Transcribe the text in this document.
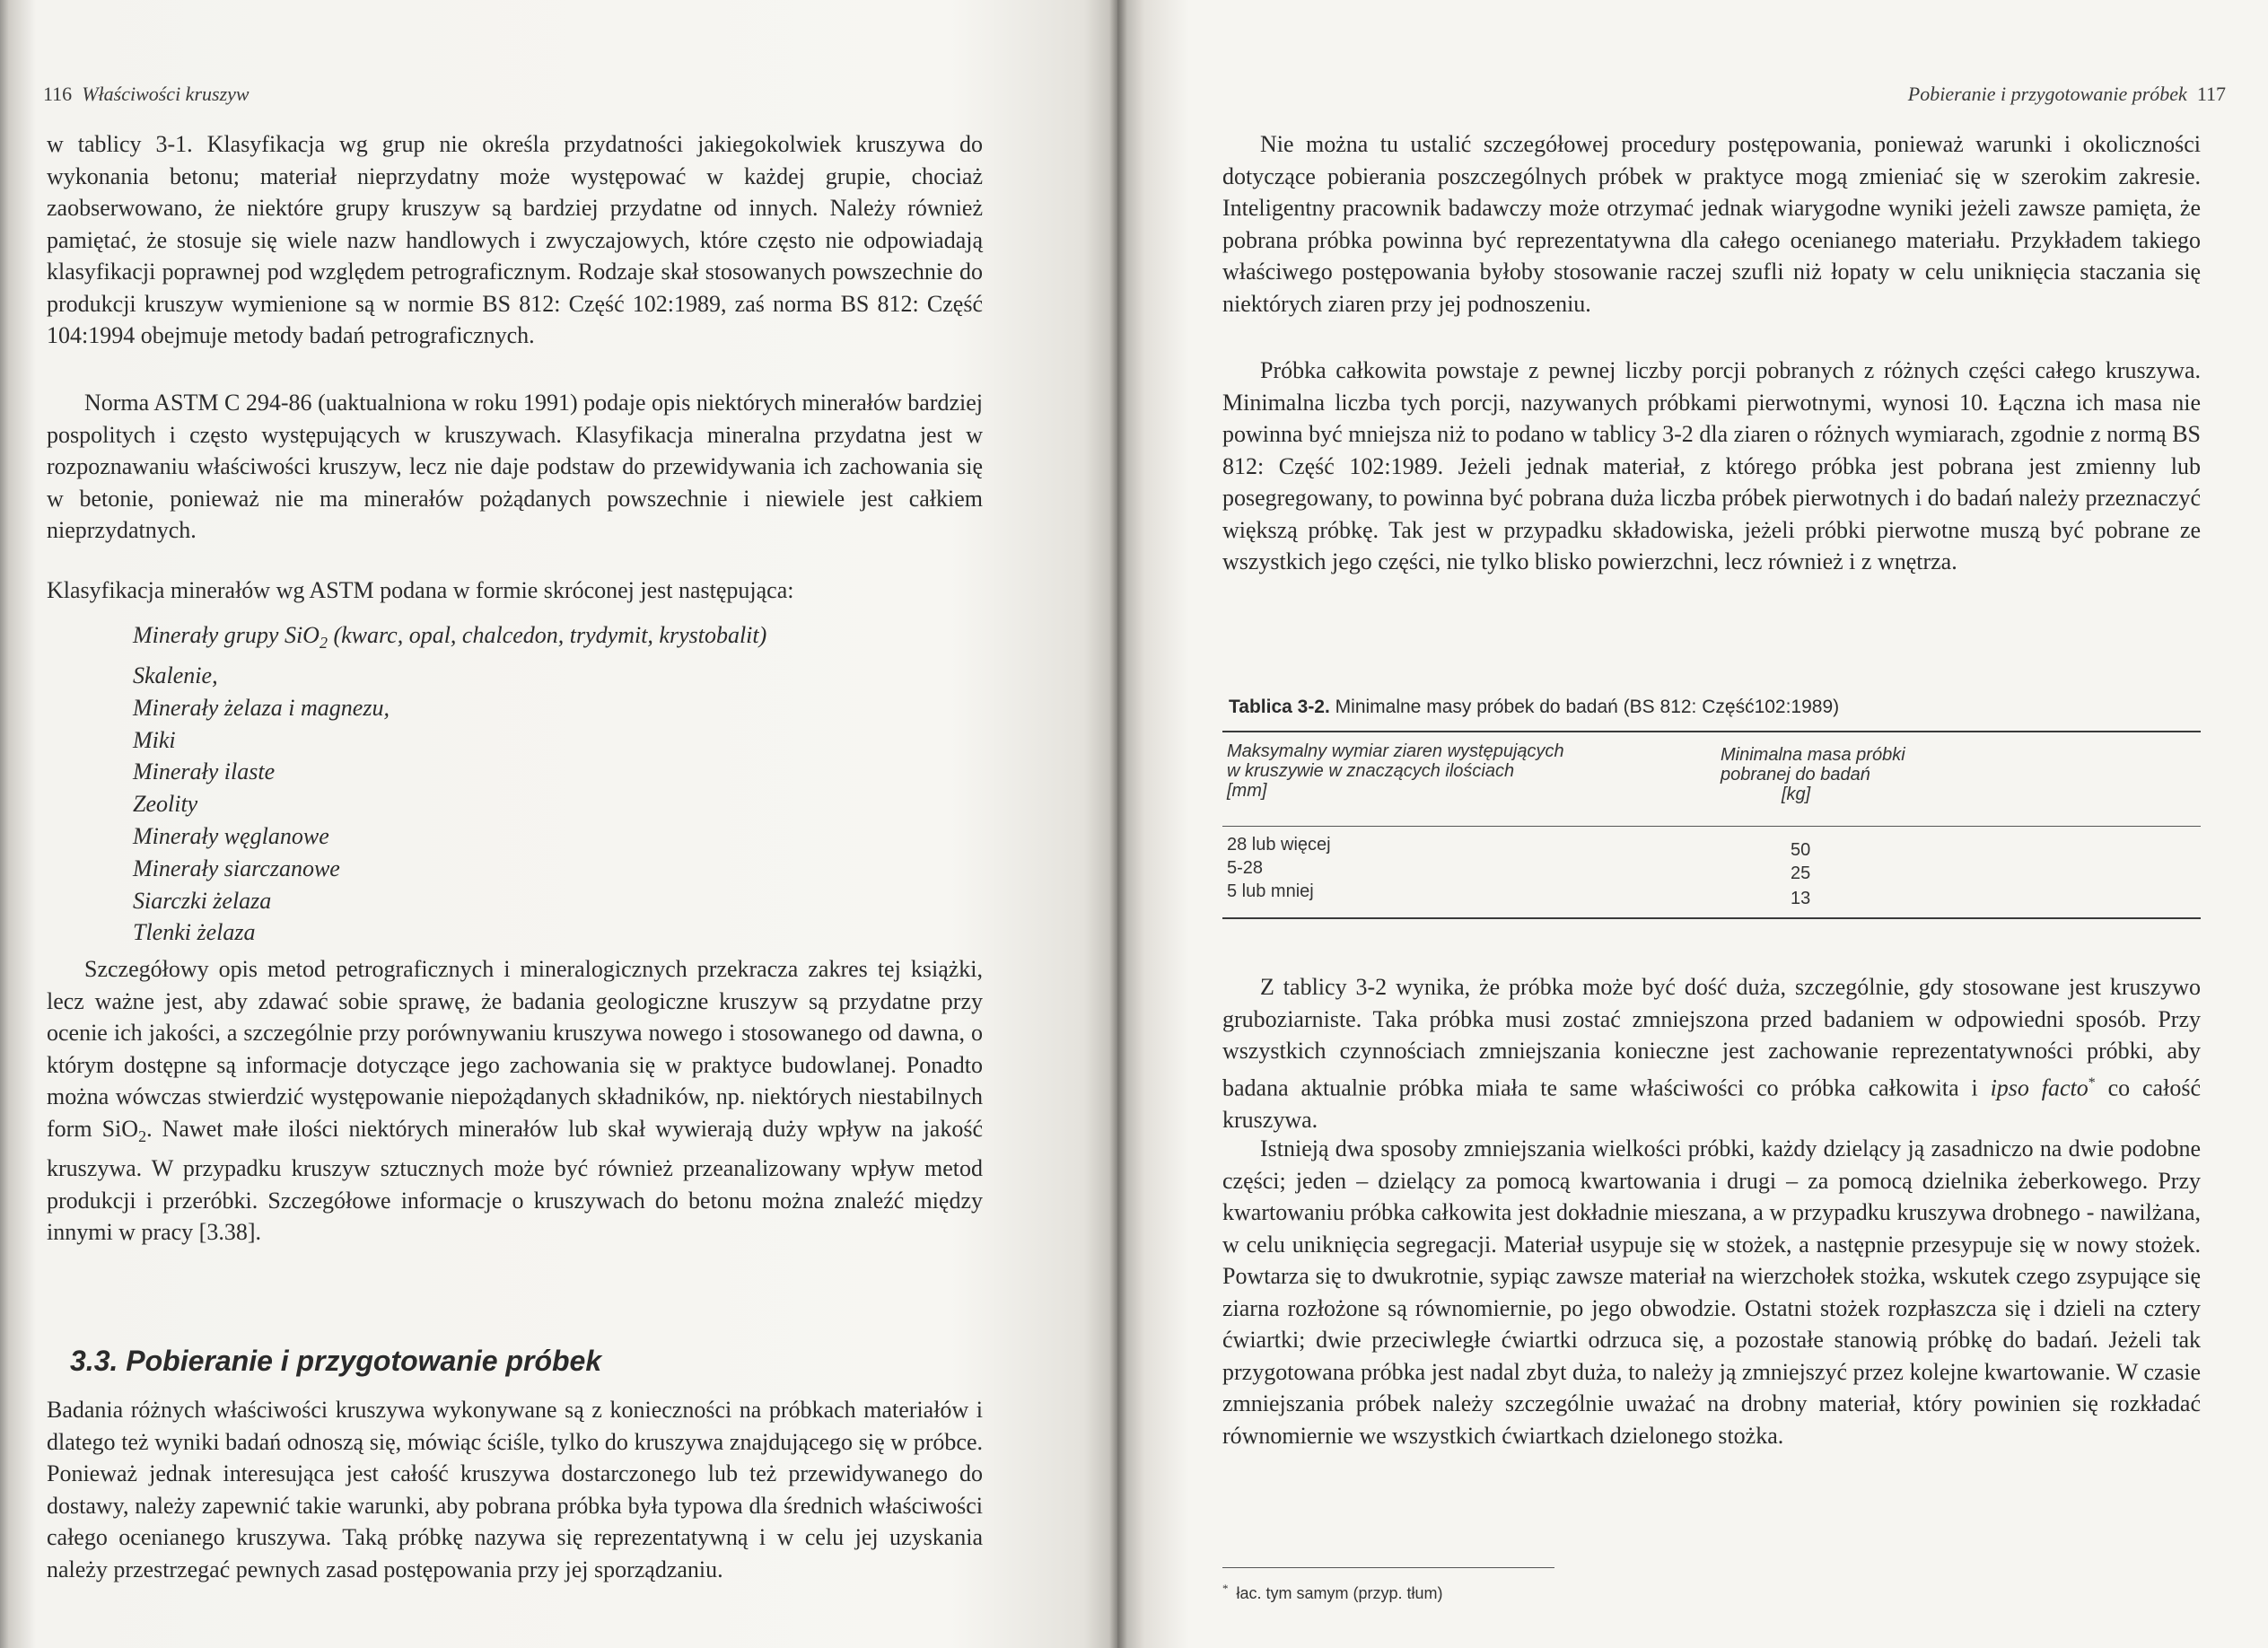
116 Właściwości kruszyw

w tablicy 3-1. Klasyfikacja wg grup nie określa przydatności jakiegokolwiek kruszywa do wykonania betonu; materiał nieprzydatny może występować w każdej grupie, chociaż zaobserwowano, że niektóre grupy kruszyw są bardziej przydatne od innych. Należy również pamiętać, że stosuje się wiele nazw handlowych i zwyczajowych, które często nie odpowiadają klasyfikacji poprawnej pod względem petrograficznym. Rodzaje skał stosowanych powszechnie do produkcji kruszyw wymienione są w normie BS 812: Część 102:1989, zaś norma BS 812: Część 104:1994 obejmuje metody badań petrograficznych.

Norma ASTM C 294-86 (uaktualniona w roku 1991) podaje opis niektórych minerałów bardziej pospolitych i często występujących w kruszywach. Klasyfikacja mineralna przydatna jest w rozpoznawaniu właściwości kruszyw, lecz nie daje podstaw do przewidywania ich zachowania się w betonie, ponieważ nie ma minerałów pożądanych powszechnie i niewiele jest całkiem nieprzydatnych.

Klasyfikacja minerałów wg ASTM podana w formie skróconej jest następująca:

Minerały grupy SiO$_2$ (kwarc, opal, chalcedon, trydymit, krystobalit)
Skalenie,
Minerały żelaza i magnezu,
Miki
Minerały ilaste
Zeolity
Minerały węglanowe
Minerały siarczanowe
Siarczki żelaza
Tlenki żelaza

Szczegółowy opis metod petrograficznych i mineralogicznych przekracza zakres tej książki, lecz ważne jest, aby zdawać sobie sprawę, że badania geologiczne kruszyw są przydatne przy ocenie ich jakości, a szczególnie przy porównywaniu kruszywa nowego i stosowanego od dawna, o którym dostępne są informacje dotyczące jego zachowania się w praktyce budowlanej. Ponadto można wówczas stwierdzić występowanie niepożądanych składników, np. niektórych niestabilnych form SiO$_2$. Nawet małe ilości niektórych minerałów lub skał wywierają duży wpływ na jakość kruszywa. W przypadku kruszyw sztucznych może być również przeanalizowany wpływ metod produkcji i przeróbki. Szczegółowe informacje o kruszywach do betonu można znaleźć między innymi w pracy [3.38].

3.3. Pobieranie i przygotowanie próbek

Badania różnych właściwości kruszywa wykonywane są z konieczności na próbkach materiałów i dlatego też wyniki badań odnoszą się, mówiąc ściśle, tylko do kruszywa znajdującego się w próbce. Ponieważ jednak interesująca jest całość kruszywa dostarczonego lub też przewidywanego do dostawy, należy zapewnić takie warunki, aby pobrana próbka była typowa dla średnich właściwości całego ocenianego kruszywa. Taką próbkę nazywa się reprezentatywną i w celu jej uzyskania należy przestrzegać pewnych zasad postępowania przy jej sporządzaniu.

Pobieranie i przygotowanie próbek 117

Nie można tu ustalić szczegółowej procedury postępowania, ponieważ warunki i okoliczności dotyczące pobierania poszczególnych próbek w praktyce mogą zmieniać się w szerokim zakresie. Inteligentny pracownik badawczy może otrzymać jednak wiarygodne wyniki jeżeli zawsze pamięta, że pobrana próbka powinna być reprezentatywna dla całego ocenianego materiału. Przykładem takiego właściwego postępowania byłoby stosowanie raczej szufli niż łopaty w celu uniknięcia staczania się niektórych ziaren przy jej podnoszeniu.

Próbka całkowita powstaje z pewnej liczby porcji pobranych z różnych części całego kruszywa. Minimalna liczba tych porcji, nazywanych próbkami pierwotnymi, wynosi 10. Łączna ich masa nie powinna być mniejsza niż to podano w tablicy 3-2 dla ziaren o różnych wymiarach, zgodnie z normą BS 812: Część 102:1989. Jeżeli jednak materiał, z którego próbka jest pobrana jest zmienny lub posegregowany, to powinna być pobrana duża liczba próbek pierwotnych i do badań należy przeznaczyć większą próbkę. Tak jest w przypadku składowiska, jeżeli próbki pierwotne muszą być pobrane ze wszystkich jego części, nie tylko blisko powierzchni, lecz również i z wnętrza.

Tablica 3-2. Minimalne masy próbek do badań (BS 812: Część102:1989)
Maksymalny wymiar ziaren występujących
w kruszywie w znaczących ilościach
[mm]
Minimalna masa próbki
pobranej do badań
[kg]
28 lub więcej	50
5-28	25
5 lub mniej	13

Z tablicy 3-2 wynika, że próbka może być dość duża, szczególnie, gdy stosowane jest kruszywo gruboziarniste. Taka próbka musi zostać zmniejszona przed badaniem w odpowiedni sposób. Przy wszystkich czynnościach zmniejszania konieczne jest zachowanie reprezentatywności próbki, aby badana aktualnie próbka miała te same właściwości co próbka całkowita i ipso facto* co całość kruszywa.

Istnieją dwa sposoby zmniejszania wielkości próbki, każdy dzielący ją zasadniczo na dwie podobne części; jeden – dzielący za pomocą kwartowania i drugi – za pomocą dzielnika żeberkowego. Przy kwartowaniu próbka całkowita jest dokładnie mieszana, a w przypadku kruszywa drobnego - nawilżana, w celu uniknięcia segregacji. Materiał usypuje się w stożek, a następnie przesypuje się w nowy stożek. Powtarza się to dwukrotnie, sypiąc zawsze materiał na wierzchołek stożka, wskutek czego zsypujące się ziarna rozłożone są równomiernie, po jego obwodzie. Ostatni stożek rozpłaszcza się i dzieli na cztery ćwiartki; dwie przeciwległe ćwiartki odrzuca się, a pozostałe stanowią próbkę do badań. Jeżeli tak przygotowana próbka jest nadal zbyt duża, to należy ją zmniejszyć przez kolejne kwartowanie. W czasie zmniejszania próbek należy szczególnie uważać na drobny materiał, który powinien się rozkładać równomiernie we wszystkich ćwiartkach dzielonego stożka.

* łac. tym samym (przyp. tłum)
